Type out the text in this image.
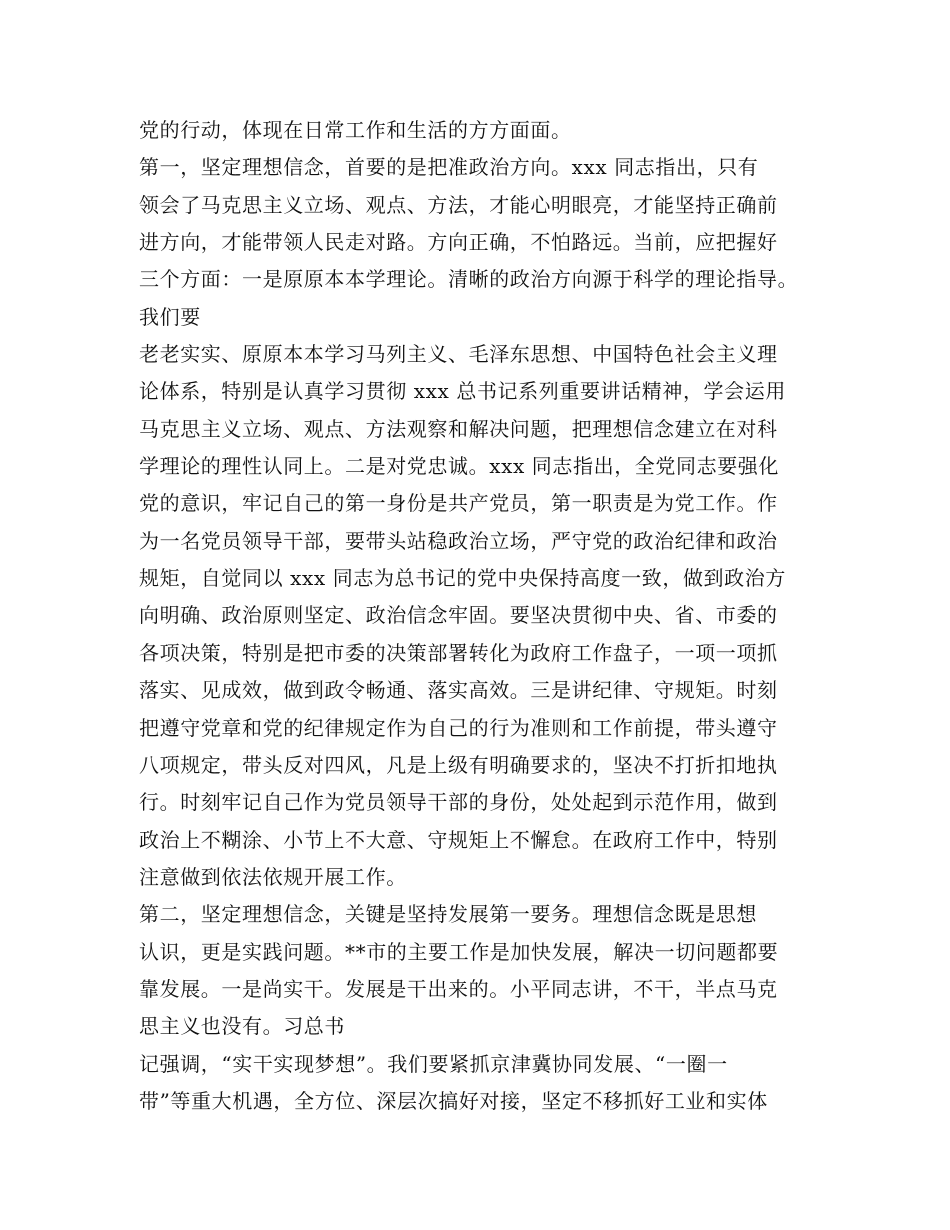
党的行动，体现在日常工作和生活的方方面面。
第一，坚定理想信念，首要的是把准政治方向。xxx 同志指出，只有
领会了马克思主义立场、观点、方法，才能心明眼亮，才能坚持正确前
进方向，才能带领人民走对路。方向正确，不怕路远。当前，应把握好
三个方面：一是原原本本学理论。清晰的政治方向源于科学的理论指导。
我们要
老老实实、原原本本学习马列主义、毛泽东思想、中国特色社会主义理
论体系，特别是认真学习贯彻 xxx 总书记系列重要讲话精神，学会运用
马克思主义立场、观点、方法观察和解决问题，把理想信念建立在对科
学理论的理性认同上。二是对党忠诚。xxx 同志指出，全党同志要强化
党的意识，牢记自己的第一身份是共产党员，第一职责是为党工作。作
为一名党员领导干部，要带头站稳政治立场，严守党的政治纪律和政治
规矩，自觉同以 xxx 同志为总书记的党中央保持高度一致，做到政治方
向明确、政治原则坚定、政治信念牢固。要坚决贯彻中央、省、市委的
各项决策，特别是把市委的决策部署转化为政府工作盘子，一项一项抓
落实、见成效，做到政令畅通、落实高效。三是讲纪律、守规矩。时刻
把遵守党章和党的纪律规定作为自己的行为准则和工作前提，带头遵守
八项规定，带头反对四风，凡是上级有明确要求的，坚决不打折扣地执
行。时刻牢记自己作为党员领导干部的身份，处处起到示范作用，做到
政治上不糊涂、小节上不大意、守规矩上不懈怠。在政府工作中，特别
注意做到依法依规开展工作。
第二，坚定理想信念，关键是坚持发展第一要务。理想信念既是思想
认识，更是实践问题。**市的主要工作是加快发展，解决一切问题都要
靠发展。一是尚实干。发展是干出来的。小平同志讲，不干，半点马克
思主义也没有。习总书
记强调，“实干实现梦想”。我们要紧抓京津冀协同发展、“一圈一
带”等重大机遇，全方位、深层次搞好对接，坚定不移抓好工业和实体
